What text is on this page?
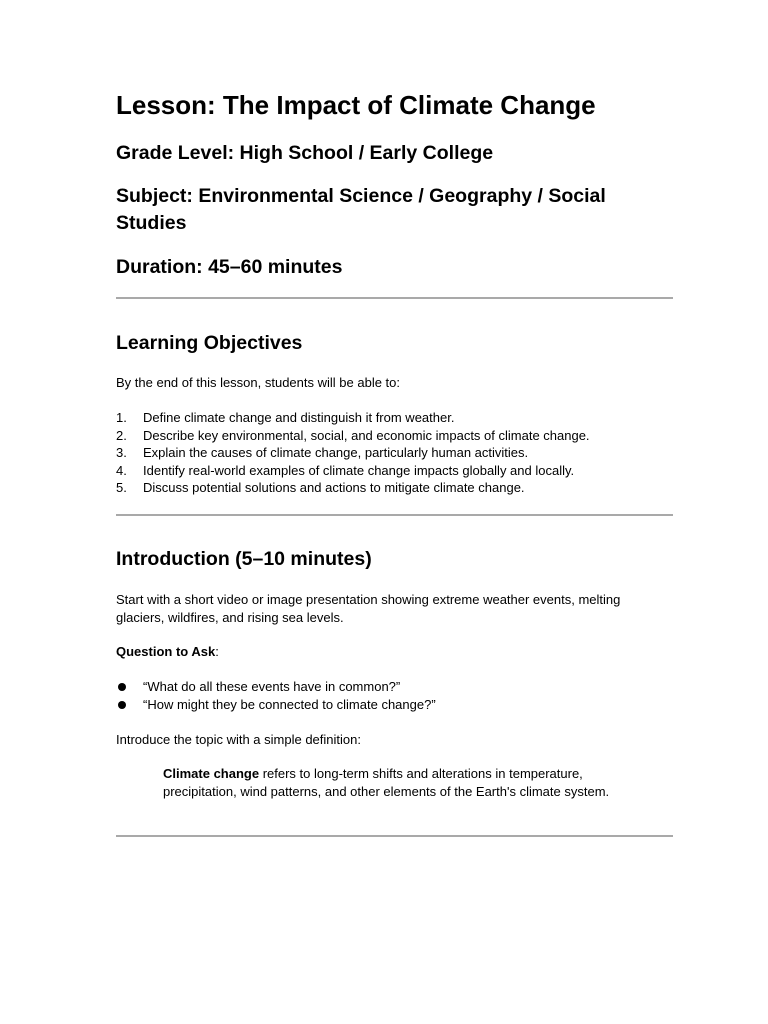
Lesson: The Impact of Climate Change

Grade Level: High School / Early College

Subject: Environmental Science / Geography / Social Studies

Duration: 45–60 minutes

Learning Objectives

By the end of this lesson, students will be able to:

1. Define climate change and distinguish it from weather.
2. Describe key environmental, social, and economic impacts of climate change.
3. Explain the causes of climate change, particularly human activities.
4. Identify real-world examples of climate change impacts globally and locally.
5. Discuss potential solutions and actions to mitigate climate change.
Introduction (5–10 minutes)

Start with a short video or image presentation showing extreme weather events, melting glaciers, wildfires, and rising sea levels.

Question to Ask:

“What do all these events have in common?”
“How might they be connected to climate change?”

Introduce the topic with a simple definition:

Climate change refers to long-term shifts and alterations in temperature, precipitation, wind patterns, and other elements of the Earth's climate system.
